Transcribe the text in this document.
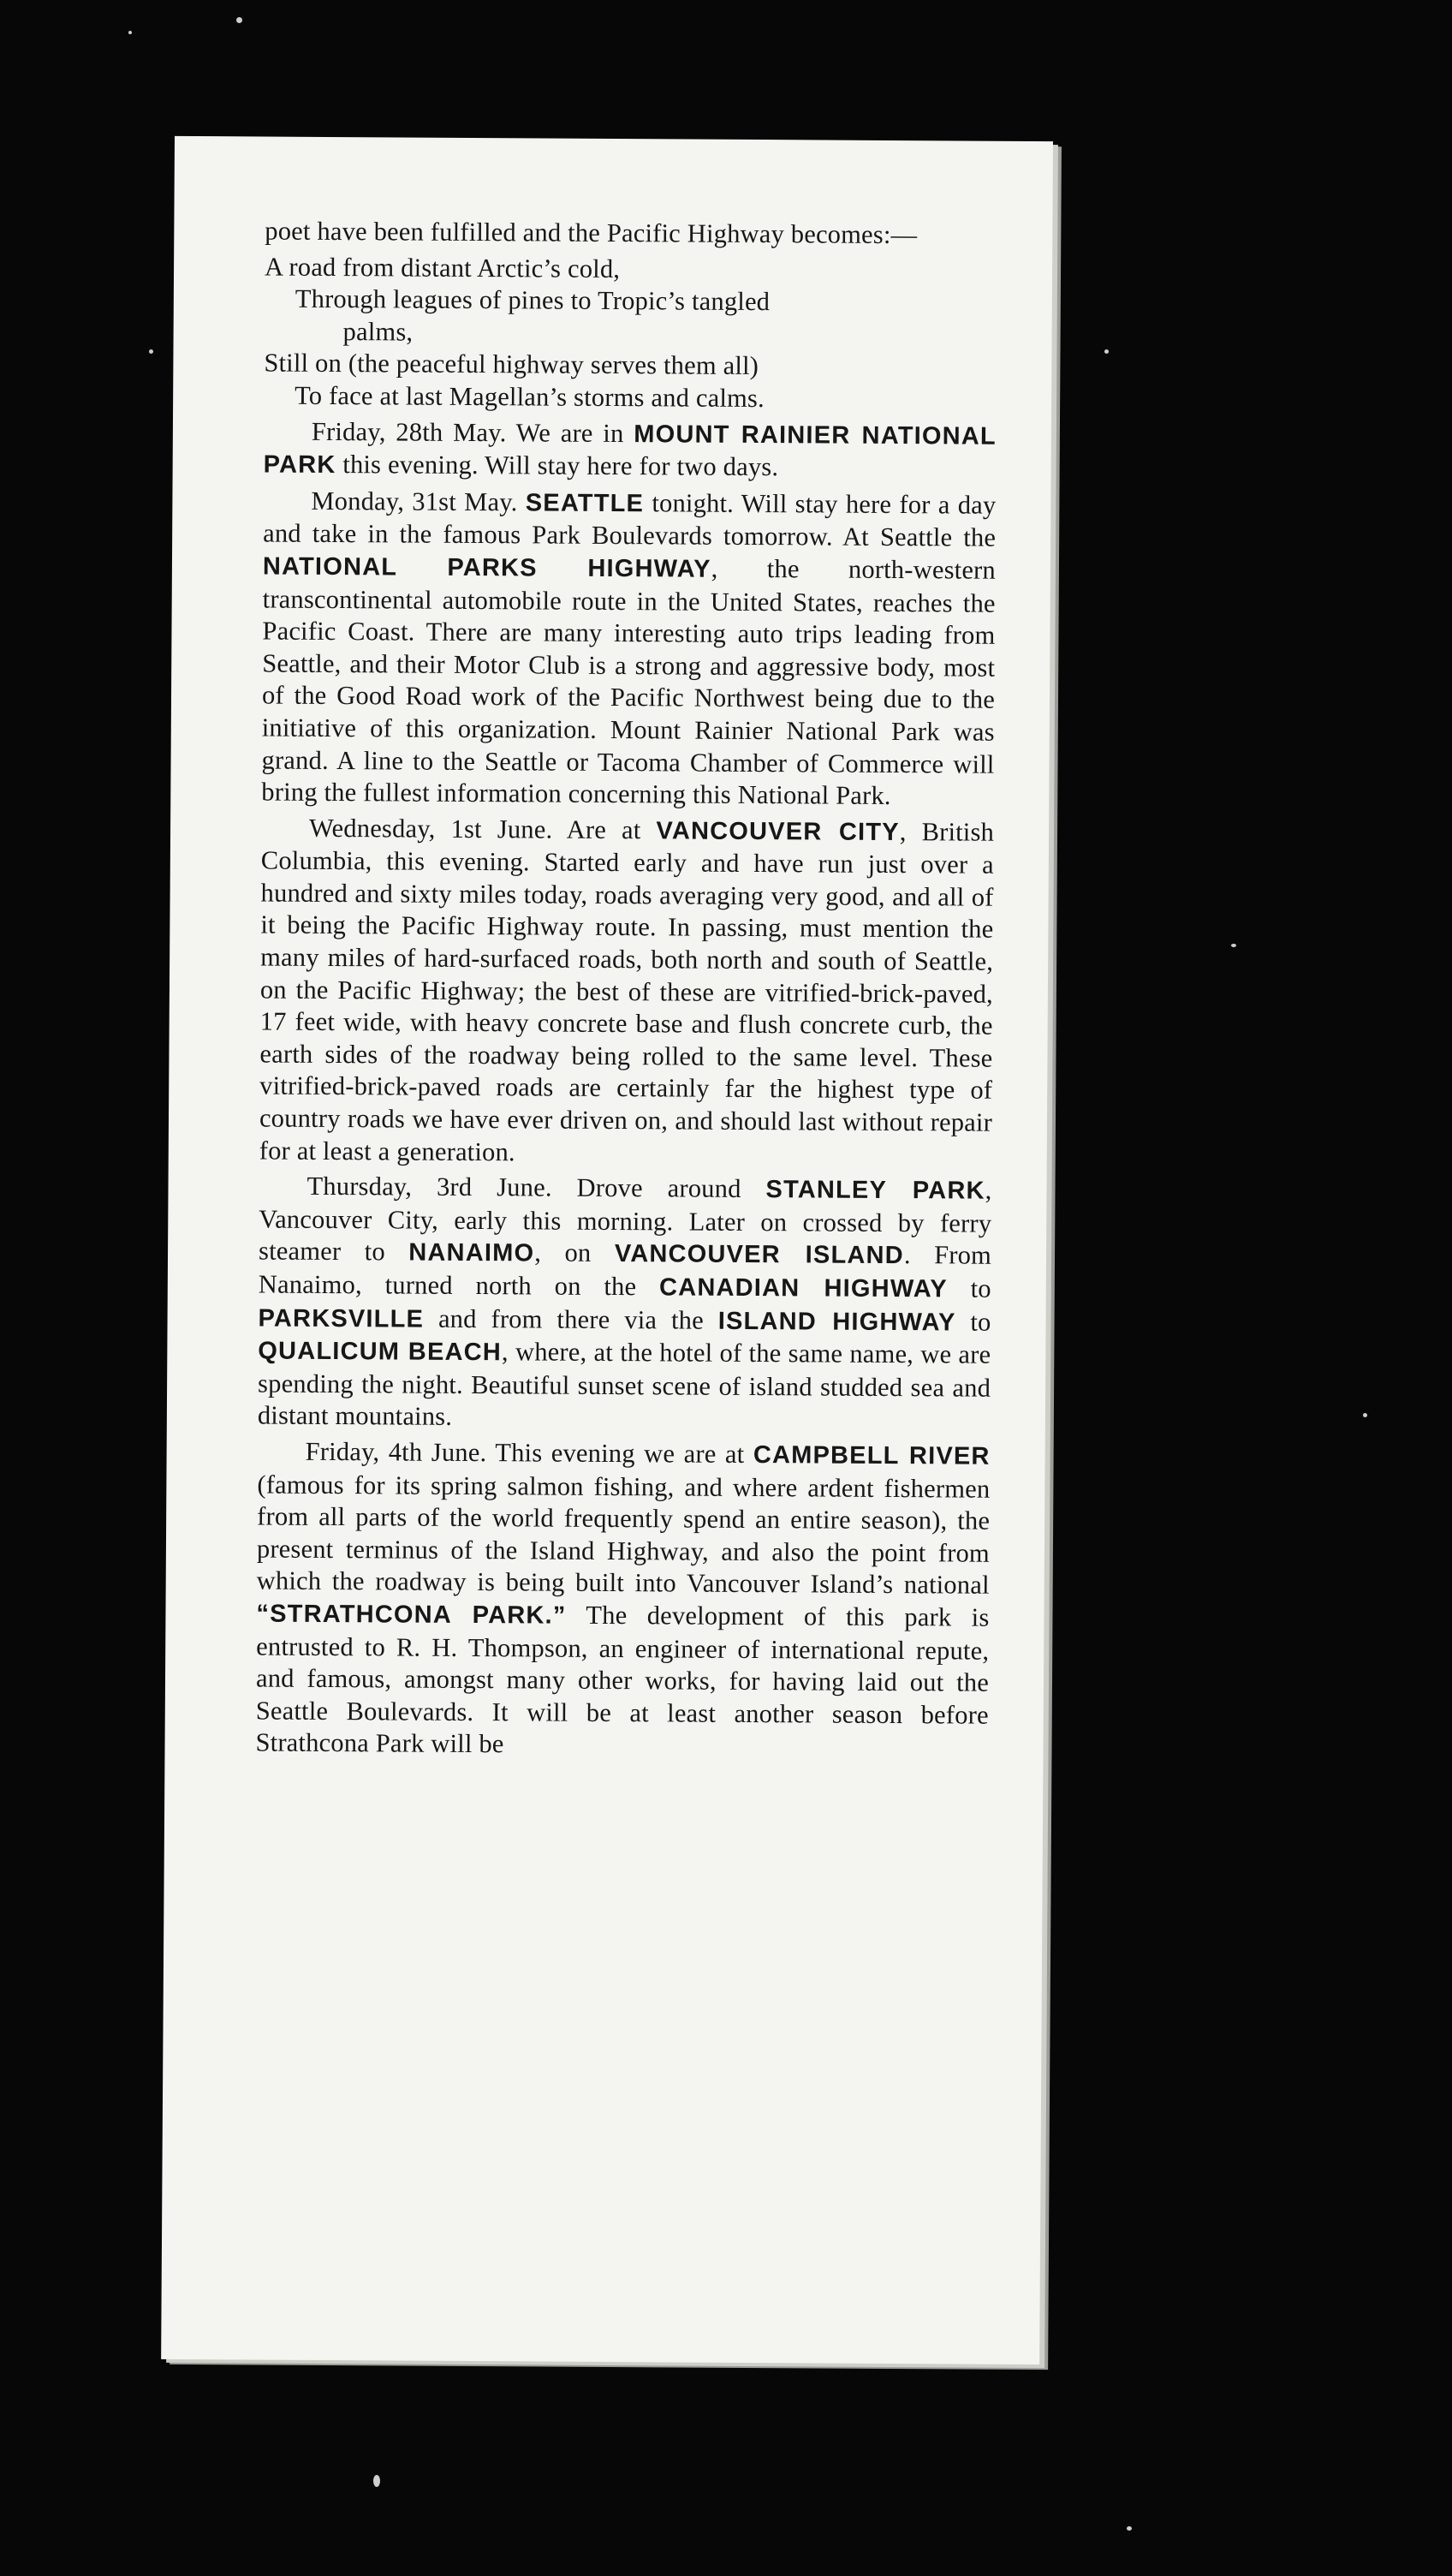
poet have been fulfilled and the Pacific Highway becomes:—

A road from distant Arctic’s cold,
Through leagues of pines to Tropic’s tangled
palms,
Still on (the peaceful highway serves them all)
To face at last Magellan’s storms and calms.

Friday, 28th May. We are in MOUNT RAINIER NATIONAL PARK this evening. Will stay here for two days.

Monday, 31st May. SEATTLE tonight. Will stay here for a day and take in the famous Park Boulevards tomorrow. At Seattle the NATIONAL PARKS HIGHWAY, the north-western transcontinental automobile route in the United States, reaches the Pacific Coast. There are many interesting auto trips leading from Seattle, and their Motor Club is a strong and aggressive body, most of the Good Road work of the Pacific Northwest being due to the initiative of this organization. Mount Rainier National Park was grand. A line to the Seattle or Tacoma Chamber of Commerce will bring the fullest information concerning this National Park.

Wednesday, 1st June. Are at VANCOUVER CITY, British Columbia, this evening. Started early and have run just over a hundred and sixty miles today, roads averaging very good, and all of it being the Pacific Highway route. In passing, must mention the many miles of hard-surfaced roads, both north and south of Seattle, on the Pacific Highway; the best of these are vitrified-brick-paved, 17 feet wide, with heavy concrete base and flush concrete curb, the earth sides of the roadway being rolled to the same level. These vitrified-brick-paved roads are certainly far the highest type of country roads we have ever driven on, and should last without repair for at least a generation.

Thursday, 3rd June. Drove around STANLEY PARK, Vancouver City, early this morning. Later on crossed by ferry steamer to NANAIMO, on VANCOUVER ISLAND. From Nanaimo, turned north on the CANADIAN HIGHWAY to PARKSVILLE and from there via the ISLAND HIGHWAY to QUALICUM BEACH, where, at the hotel of the same name, we are spending the night. Beautiful sunset scene of island studded sea and distant mountains.

Friday, 4th June. This evening we are at CAMPBELL RIVER (famous for its spring salmon fishing, and where ardent fishermen from all parts of the world frequently spend an entire season), the present terminus of the Island Highway, and also the point from which the roadway is being built into Vancouver Island’s national “STRATHCONA PARK.” The development of this park is entrusted to R. H. Thompson, an engineer of international repute, and famous, amongst many other works, for having laid out the Seattle Boulevards. It will be at least another season before Strathcona Park will be
